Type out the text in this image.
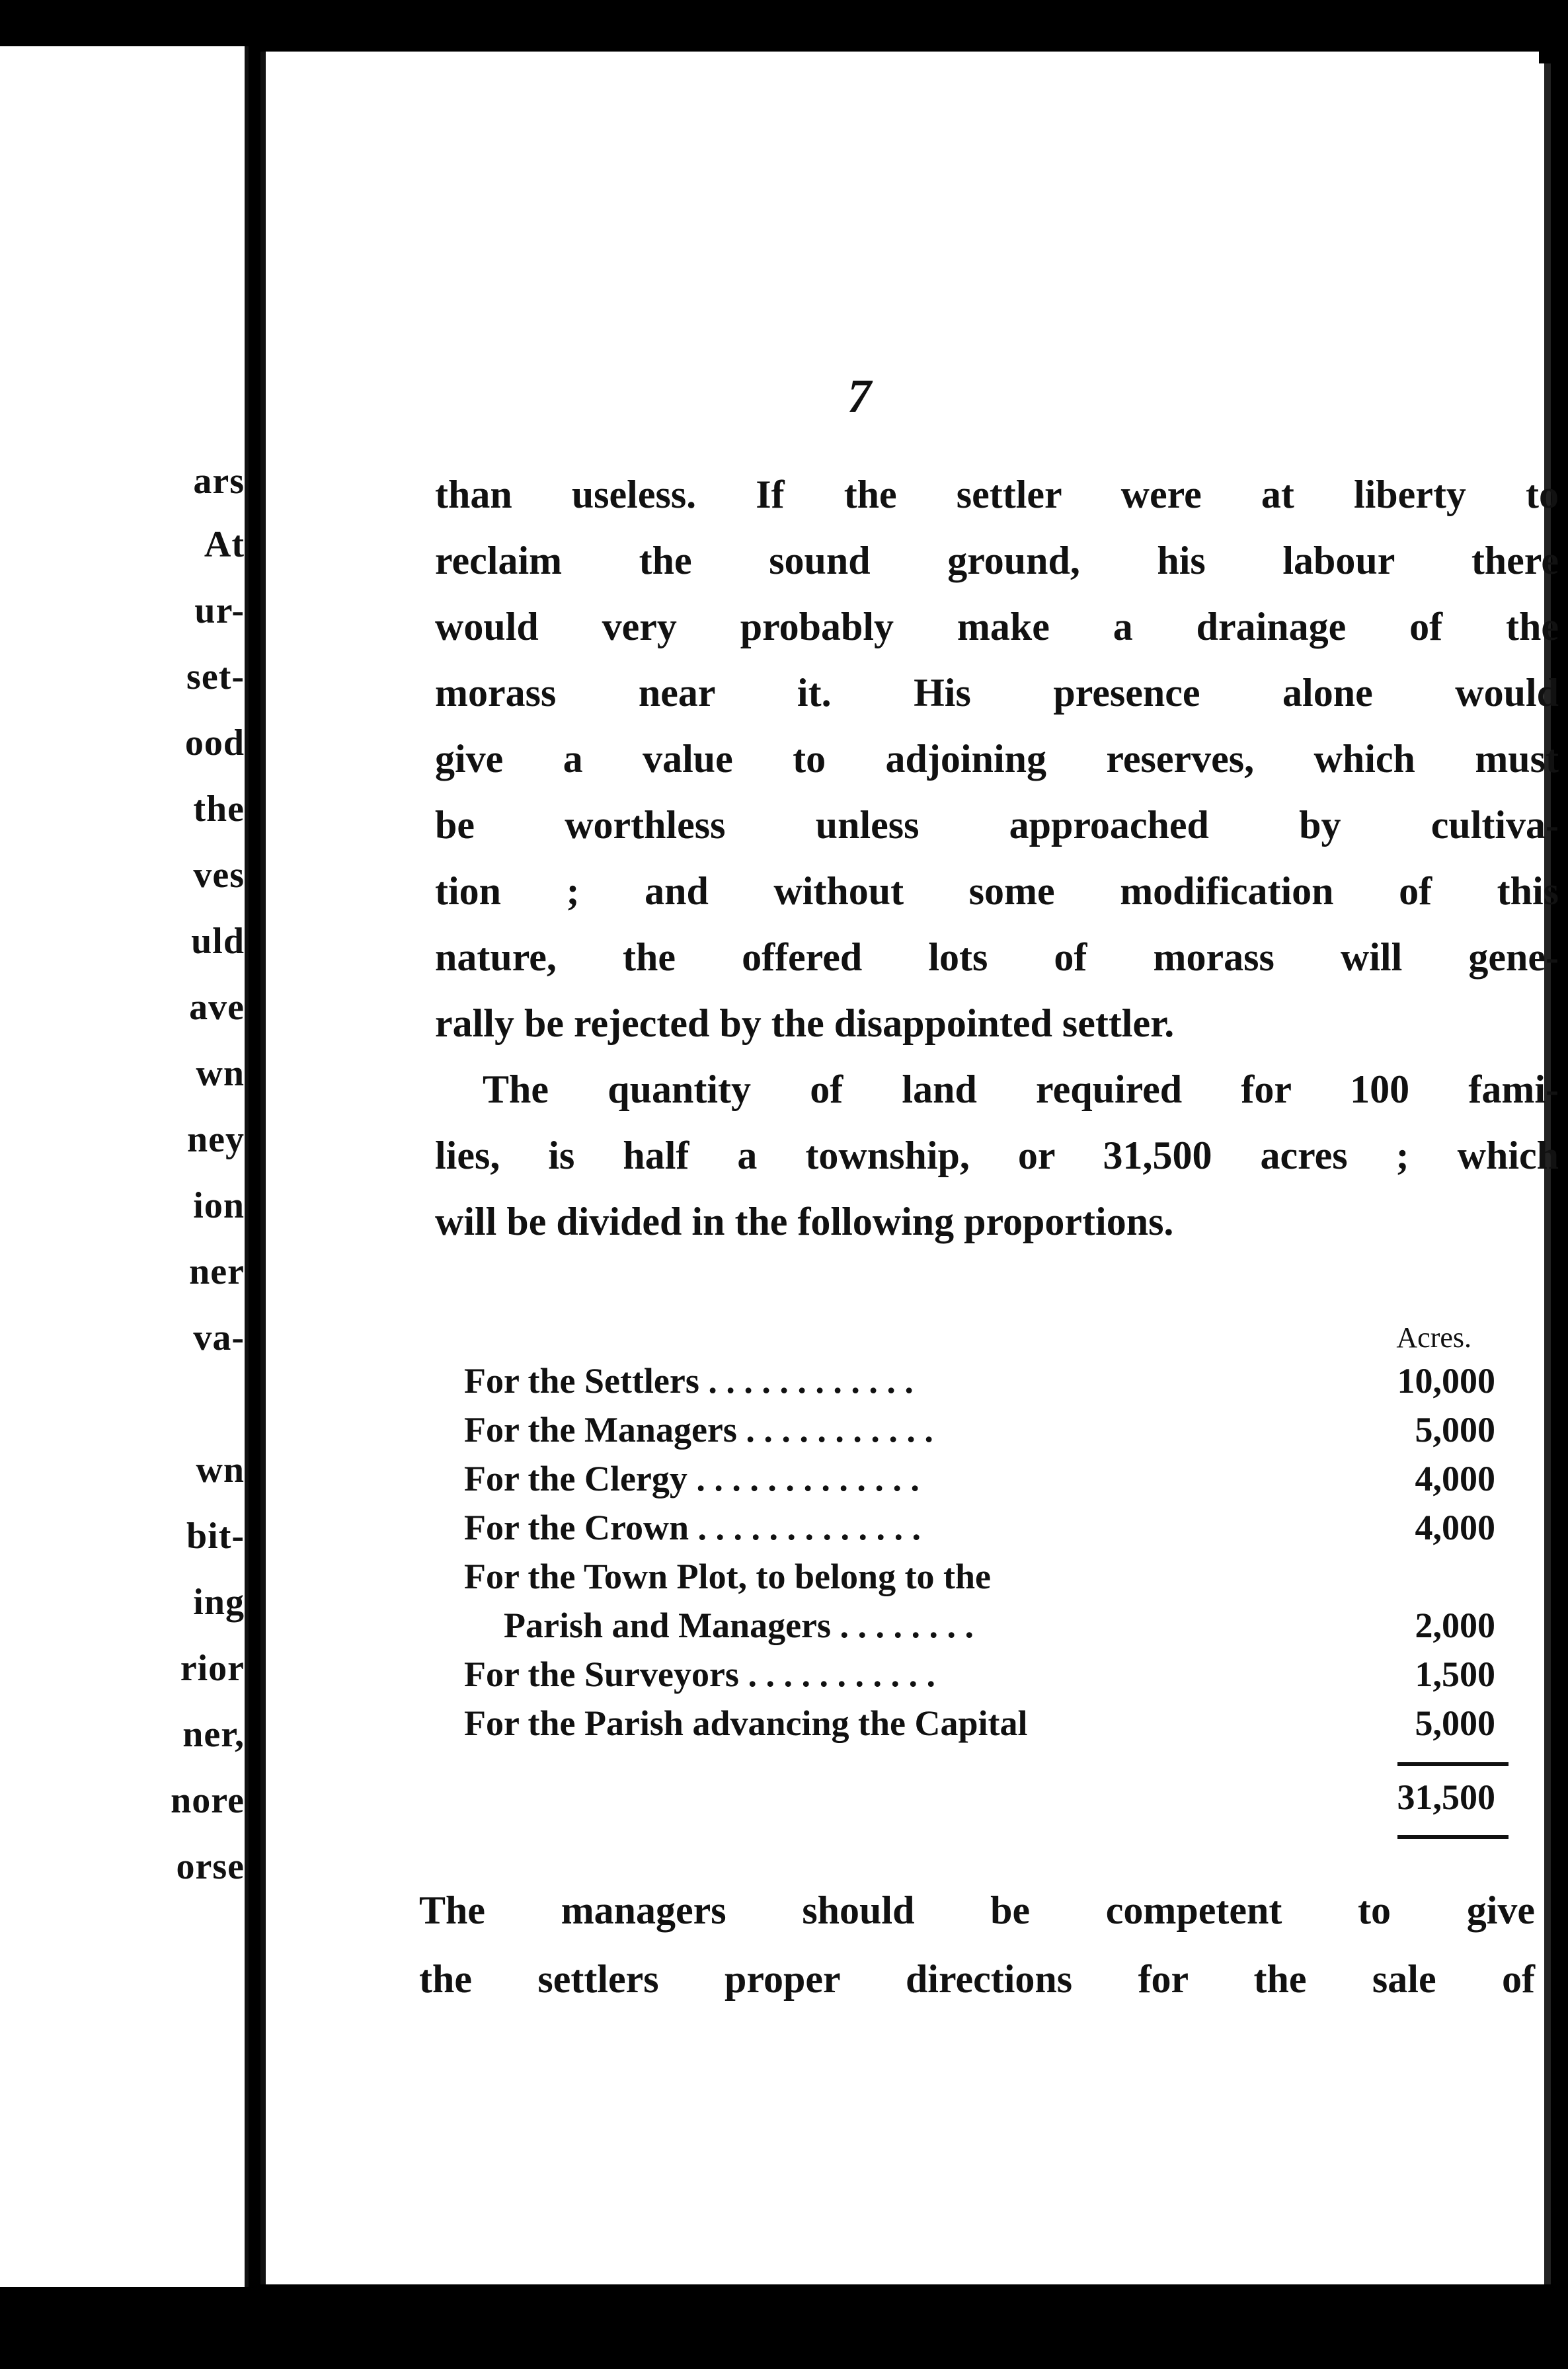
ars
At
ur-
set-
ood
the
ves
uld
ave
wn
ney
ion
ner
va-
wn
bit-
ing
rior
ner,
nore
orse
7
than useless. If the settler were at liberty to
reclaim the sound ground, his labour there
would very probably make a drainage of the
morass near it. His presence alone would
give a value to adjoining reserves, which must
be worthless unless approached by cultiva-
tion ; and without some modification of this
nature, the offered lots of morass will gene-
rally be rejected by the disappointed settler.
The quantity of land required for 100 fami-
lies, is half a township, or 31,500 acres ; which
will be divided in the following proportions.
Acres.
For the Settlers . . . . . . . . . . . .	10,000
For the Managers . . . . . . . . . . .	5,000
For the Clergy . . . . . . . . . . . . .	4,000
For the Crown . . . . . . . . . . . . .	4,000
For the Town Plot, to belong to the
Parish and Managers . . . . . . . .	2,000
For the Surveyors . . . . . . . . . . .	1,500
For the Parish advancing the Capital	5,000
31,500
The managers should be competent to give
the settlers proper directions for the sale of
